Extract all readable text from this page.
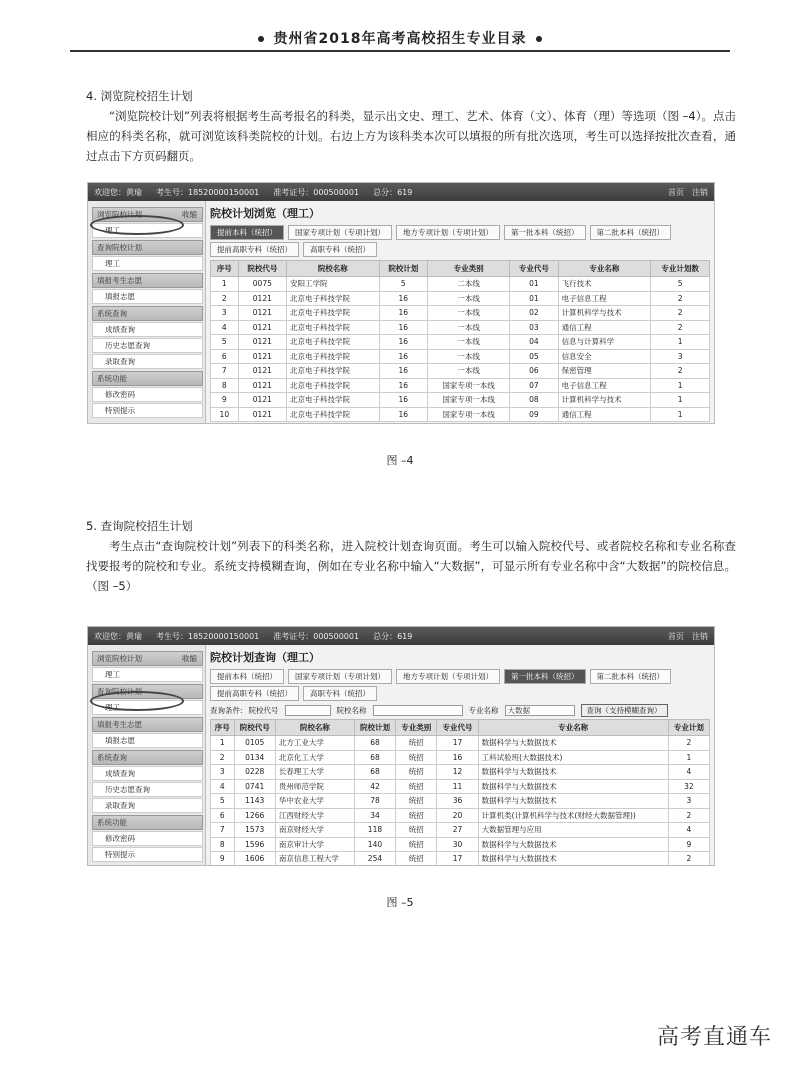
贵州省2018年高考高校招生专业目录
4. 浏览院校招生计划

“浏览院校计划”列表将根据考生高考报名的科类，显示出文史、理工、艺术、体育（文）、体育（理）等选项（图 –4）。点击相应的科类名称，就可浏览该科类院校的计划。右边上方为该科类本次可以填报的所有批次选项，考生可以选择按批次查看，通过点击下方页码翻页。

欢迎您：黄瑜 考生号：18520000150001 准考证号：000500001 总分：619	首页 注销
收缩
浏览院校计划
理工
查询院校计划
理工
填报考生志愿
填报志愿
系统查询
成绩查询
历史志愿查询
录取查询
系统功能
修改密码
特别提示
院校计划浏览（理工）
提前本科（统招）	国家专项计划（专项计划）	地方专项计划（专项计划）	第一批本科（统招）	第二批本科（统招）
提前高职专科（统招）	高职专科（统招）
序号	院校代号	院校名称	院校计划	专业类别	专业代号	专业名称	专业计划数
1	0075	安阳工学院	5	二本线	01	飞行技术	5
2	0121	北京电子科技学院	16	一本线	01	电子信息工程	2
3	0121	北京电子科技学院	16	一本线	02	计算机科学与技术	2
4	0121	北京电子科技学院	16	一本线	03	通信工程	2
5	0121	北京电子科技学院	16	一本线	04	信息与计算科学	1
6	0121	北京电子科技学院	16	一本线	05	信息安全	3
7	0121	北京电子科技学院	16	一本线	06	保密管理	2
8	0121	北京电子科技学院	16	国家专项一本线	07	电子信息工程	1
9	0121	北京电子科技学院	16	国家专项一本线	08	计算机科学与技术	1
10	0121	北京电子科技学院	16	国家专项一本线	09	通信工程	1
图 –4
5. 查询院校招生计划

考生点击“查询院校计划”列表下的科类名称，进入院校计划查询页面。考生可以输入院校代号、或者院校名称和专业名称查找要报考的院校和专业。系统支持模糊查询，例如在专业名称中输入“大数据”，可显示所有专业名称中含“大数据”的院校信息。（图 –5）

欢迎您：黄瑜 考生号：18520000150001 准考证号：000500001 总分：619	首页 注销
收缩
浏览院校计划
理工
查询院校计划
理工
填报考生志愿
填报志愿
系统查询
成绩查询
历史志愿查询
录取查询
系统功能
修改密码
特别提示
院校计划查询（理工）
提前本科（统招）	国家专项计划（专项计划）	地方专项计划（专项计划）	第一批本科（统招）	第二批本科（统招）
提前高职专科（统招）	高职专科（统招）
查询条件: 院校代号	院校名称	专业名称	大数据	查询（支持模糊查询）
序号	院校代号	院校名称	院校计划	专业类别	专业代号	专业名称	专业计划
1	0105	北方工业大学	68	统招	17	数据科学与大数据技术	2
2	0134	北京化工大学	68	统招	16	工科试验班(大数据技术)	1
3	0228	长春理工大学	68	统招	12	数据科学与大数据技术	4
4	0741	贵州师范学院	42	统招	11	数据科学与大数据技术	32
5	1143	华中农业大学	78	统招	36	数据科学与大数据技术	3
6	1266	江西财经大学	34	统招	20	计算机类(计算机科学与技术(财经大数据管理))	2
7	1573	南京财经大学	118	统招	27	大数据管理与应用	4
8	1596	南京审计大学	140	统招	30	数据科学与大数据技术	9
9	1606	南京信息工程大学	254	统招	17	数据科学与大数据技术	2
图 –5
高考直通车
